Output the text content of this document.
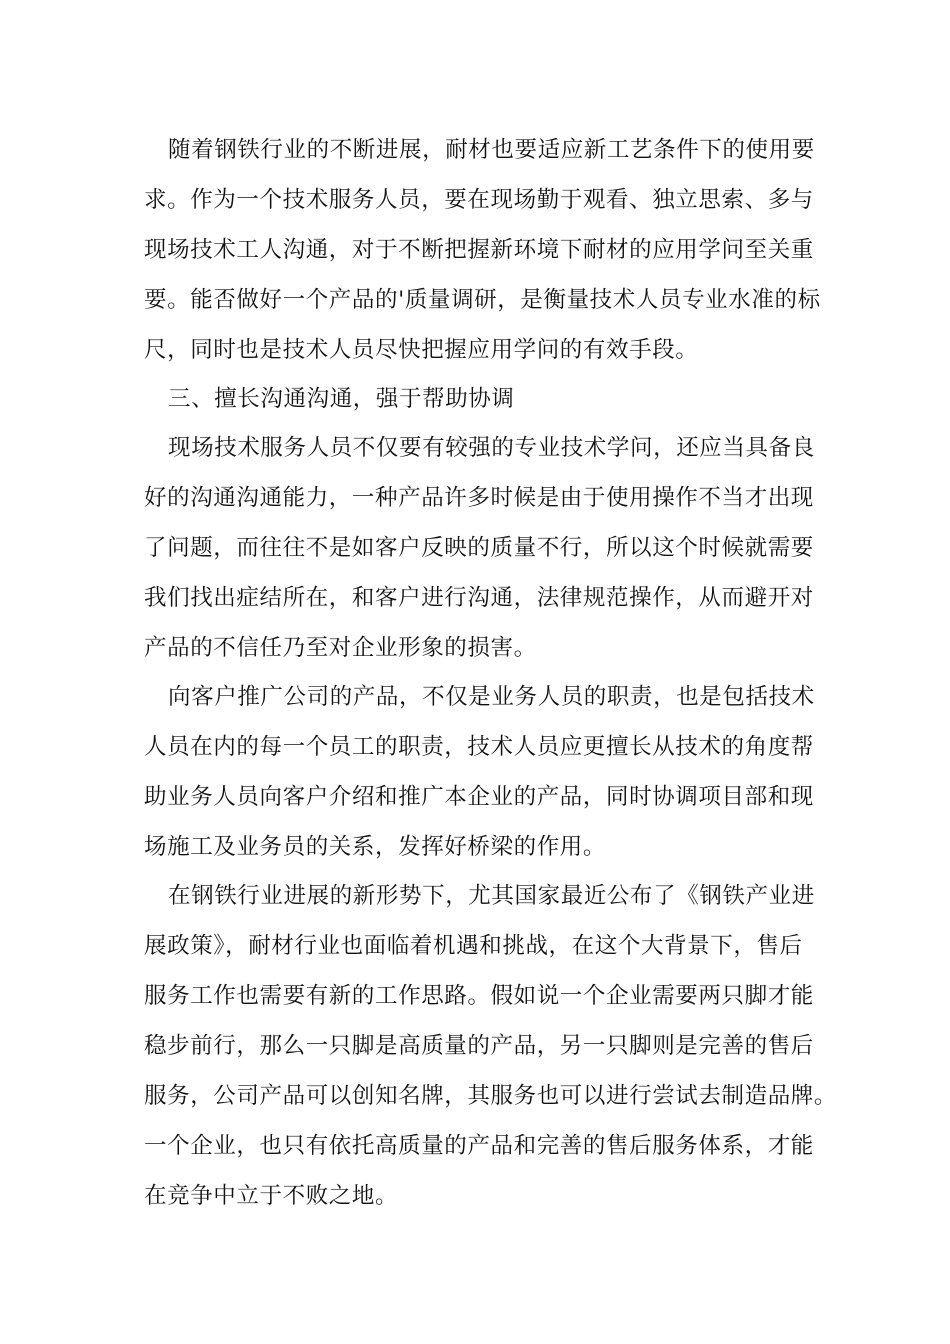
随着钢铁行业的不断进展，耐材也要适应新工艺条件下的使用要
求。作为一个技术服务人员，要在现场勤于观看、独立思索、多与
现场技术工人沟通，对于不断把握新环境下耐材的应用学问至关重
要。能否做好一个产品的'质量调研，是衡量技术人员专业水准的标
尺，同时也是技术人员尽快把握应用学问的有效手段。
三、擅长沟通沟通，强于帮助协调
现场技术服务人员不仅要有较强的专业技术学问，还应当具备良
好的沟通沟通能力，一种产品许多时候是由于使用操作不当才出现
了问题，而往往不是如客户反映的质量不行，所以这个时候就需要
我们找出症结所在，和客户进行沟通，法律规范操作，从而避开对
产品的不信任乃至对企业形象的损害。
向客户推广公司的产品，不仅是业务人员的职责，也是包括技术
人员在内的每一个员工的职责，技术人员应更擅长从技术的角度帮
助业务人员向客户介绍和推广本企业的产品，同时协调项目部和现
场施工及业务员的关系，发挥好桥梁的作用。
在钢铁行业进展的新形势下，尤其国家最近公布了《钢铁产业进
展政策》，耐材行业也面临着机遇和挑战，在这个大背景下，售后
服务工作也需要有新的工作思路。假如说一个企业需要两只脚才能
稳步前行，那么一只脚是高质量的产品，另一只脚则是完善的售后
服务，公司产品可以创知名牌，其服务也可以进行尝试去制造品牌。
一个企业，也只有依托高质量的产品和完善的售后服务体系，才能
在竞争中立于不败之地。
